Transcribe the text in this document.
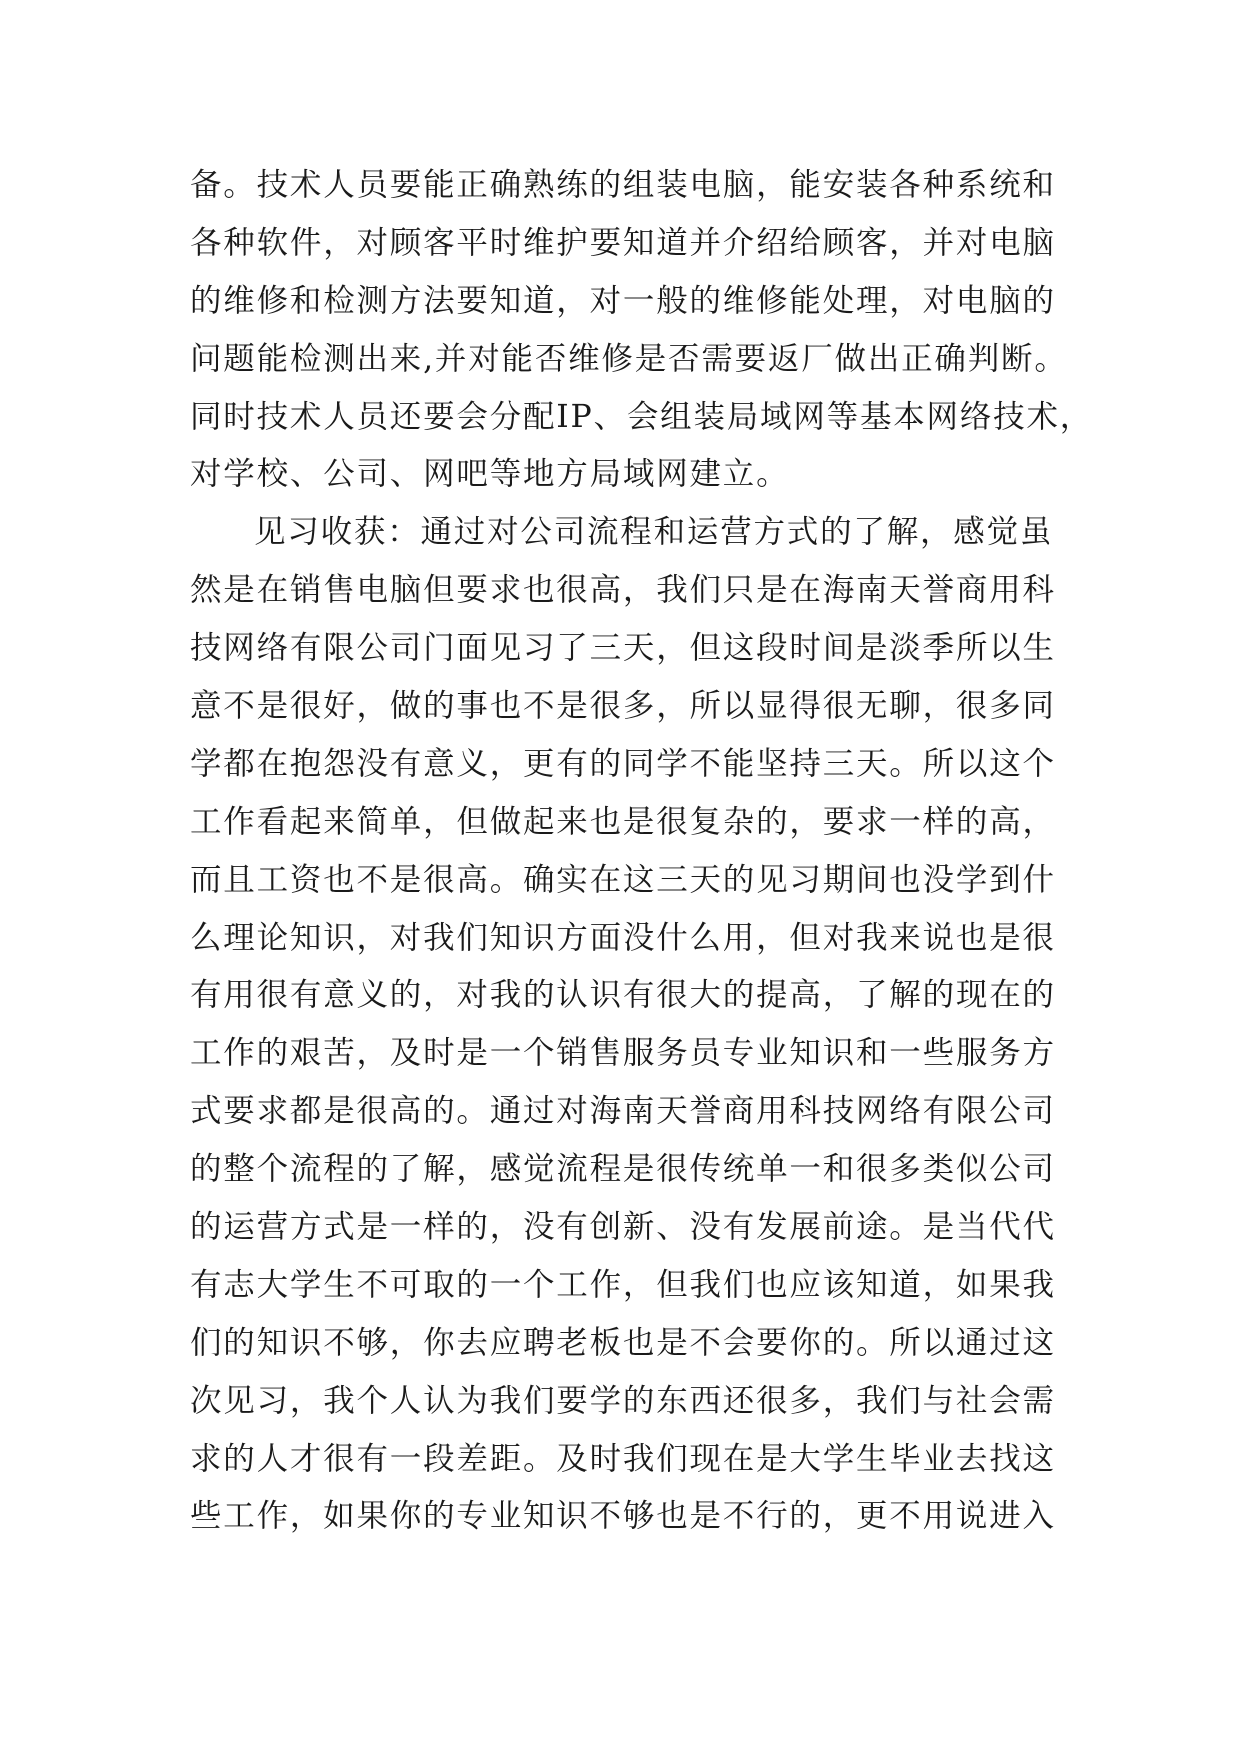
备。技术人员要能正确熟练的组装电脑，能安装各种系统和
各种软件，对顾客平时维护要知道并介绍给顾客，并对电脑
的维修和检测方法要知道，对一般的维修能处理，对电脑的
问题能检测出来,并对能否维修是否需要返厂做出正确判断。
同时技术人员还要会分配IP、会组装局域网等基本网络技术，
对学校、公司、网吧等地方局域网建立。
见习收获：通过对公司流程和运营方式的了解，感觉虽
然是在销售电脑但要求也很高，我们只是在海南天誉商用科
技网络有限公司门面见习了三天，但这段时间是淡季所以生
意不是很好，做的事也不是很多，所以显得很无聊，很多同
学都在抱怨没有意义，更有的同学不能坚持三天。所以这个
工作看起来简单，但做起来也是很复杂的，要求一样的高，
而且工资也不是很高。确实在这三天的见习期间也没学到什
么理论知识，对我们知识方面没什么用，但对我来说也是很
有用很有意义的，对我的认识有很大的提高，了解的现在的
工作的艰苦，及时是一个销售服务员专业知识和一些服务方
式要求都是很高的。通过对海南天誉商用科技网络有限公司
的整个流程的了解，感觉流程是很传统单一和很多类似公司
的运营方式是一样的，没有创新、没有发展前途。是当代代
有志大学生不可取的一个工作，但我们也应该知道，如果我
们的知识不够，你去应聘老板也是不会要你的。所以通过这
次见习，我个人认为我们要学的东西还很多，我们与社会需
求的人才很有一段差距。及时我们现在是大学生毕业去找这
些工作，如果你的专业知识不够也是不行的，更不用说进入
